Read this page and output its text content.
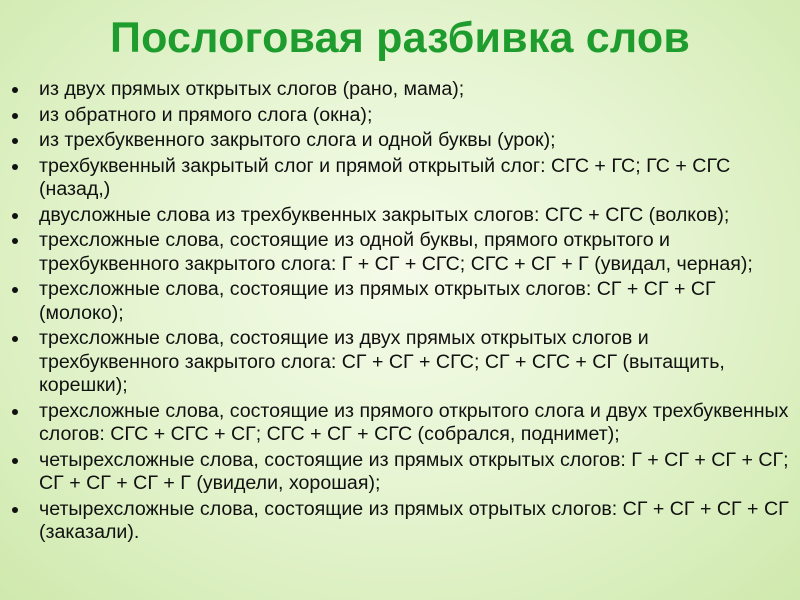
Послоговая разбивка слов
из двух прямых открытых слогов (рано, мама);
из обратного и прямого слога (окна);
из трехбуквенного закрытого слога и одной буквы (урок);
трехбуквенный закрытый слог и прямой открытый слог: СГС + ГС; ГС + СГС (назад,)
двусложные слова из трехбуквенных закрытых слогов: СГС + СГС (волков);
трехсложные слова, состоящие из одной буквы, прямого открытого и трехбуквенного закрытого слога: Г + СГ + СГС; СГС + СГ + Г (увидал, черная);
трехсложные слова, состоящие из прямых открытых слогов: СГ + СГ + СГ (молоко);
трехсложные слова, состоящие из двух прямых открытых слогов и трехбуквенного закрытого слога: СГ + СГ + СГС; СГ + СГС + СГ (вытащить, корешки);
трехсложные слова, состоящие из прямого открытого слога и двух трехбуквенных слогов: СГС + СГС + СГ; СГС + СГ + СГС (собрался, поднимет);
четырехсложные слова, состоящие из прямых открытых слогов: Г + СГ + СГ + СГ; СГ + СГ + СГ + Г (увидели, хорошая);
четырехсложные слова, состоящие из прямых отрытых слогов: СГ + СГ + СГ + СГ (заказали).
